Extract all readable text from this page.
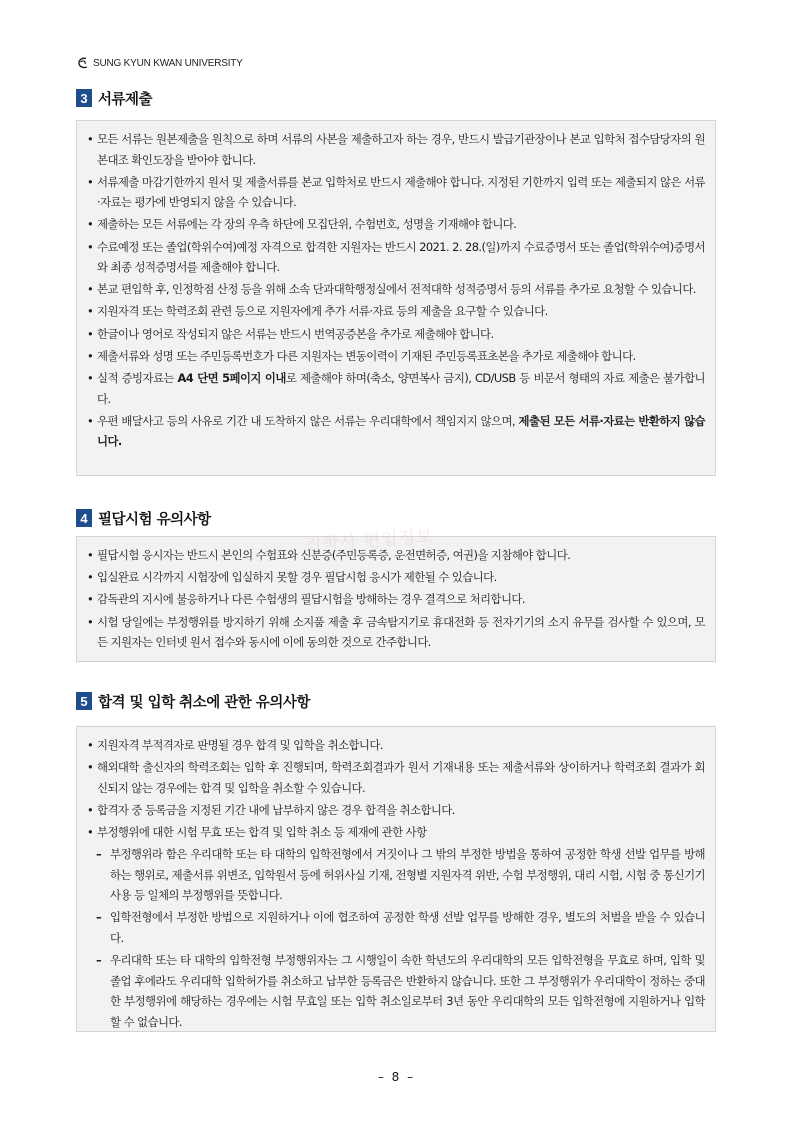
SUNG KYUN KWAN UNIVERSITY
3 서류제출
• 모든 서류는 원본제출을 원칙으로 하며 서류의 사본을 제출하고자 하는 경우, 반드시 발급기관장이나 본교 입학처 접수담당자의 원본대조 확인도장을 받아야 합니다.
• 서류제출 마감기한까지 원서 및 제출서류를 본교 입학처로 반드시 제출해야 합니다. 지정된 기한까지 입력 또는 제출되지 않은 서류·자료는 평가에 반영되지 않을 수 있습니다.
• 제출하는 모든 서류에는 각 장의 우측 하단에 모집단위, 수험번호, 성명을 기재해야 합니다.
• 수료예정 또는 졸업(학위수여)예정 자격으로 합격한 지원자는 반드시 2021. 2. 28.(일)까지 수료증명서 또는 졸업(학위수여)증명서와 최종 성적증명서를 제출해야 합니다.
• 본교 편입학 후, 인정학점 산정 등을 위해 소속 단과대학행정실에서 전적대학 성적증명서 등의 서류를 추가로 요청할 수 있습니다.
• 지원자격 또는 학력조회 관련 등으로 지원자에게 추가 서류·자료 등의 제출을 요구할 수 있습니다.
• 한글이나 영어로 작성되지 않은 서류는 반드시 번역공증본을 추가로 제출해야 합니다.
• 제출서류와 성명 또는 주민등록번호가 다른 지원자는 변동이력이 기재된 주민등록표초본을 추가로 제출해야 합니다.
• 실적 증빙자료는 A4 단면 5페이지 이내로 제출해야 하며(축소, 양면복사 금지), CD/USB 등 비문서 형태의 자료 제출은 불가합니다.
• 우편 배달사고 등의 사유로 기간 내 도착하지 않은 서류는 우리대학에서 책임지지 않으며, 제출된 모든 서류·자료는 반환하지 않습니다.
4 필답시험 유의사항
• 필답시험 응시자는 반드시 본인의 수험표와 신분증(주민등록증, 운전면허증, 여권)을 지참해야 합니다.
• 입실완료 시각까지 시험장에 입실하지 못할 경우 필답시험 응시가 제한될 수 있습니다.
• 감독관의 지시에 불응하거나 다른 수험생의 필답시험을 방해하는 경우 결격으로 처리합니다.
• 시험 당일에는 부정행위를 방지하기 위해 소지품 제출 후 금속탐지기로 휴대전화 등 전자기기의 소지 유무를 검사할 수 있으며, 모든 지원자는 인터넷 원서 접수와 동시에 이에 동의한 것으로 간주합니다.
진학사 편입정보
5 합격 및 입학 취소에 관한 유의사항
• 지원자격 부적격자로 판명될 경우 합격 및 입학을 취소합니다.
• 해외대학 출신자의 학력조회는 입학 후 진행되며, 학력조회결과가 원서 기재내용 또는 제출서류와 상이하거나 학력조회 결과가 회신되지 않는 경우에는 합격 및 입학을 취소할 수 있습니다.
• 합격자 중 등록금을 지정된 기간 내에 납부하지 않은 경우 합격을 취소합니다.
• 부정행위에 대한 시험 무효 또는 합격 및 입학 취소 등 제재에 관한 사항
– 부정행위라 함은 우리대학 또는 타 대학의 입학전형에서 거짓이나 그 밖의 부정한 방법을 통하여 공정한 학생 선발 업무를 방해하는 행위로, 제출서류 위변조, 입학원서 등에 허위사실 기재, 전형별 지원자격 위반, 수험 부정행위, 대리 시험, 시험 중 통신기기 사용 등 일체의 부정행위를 뜻합니다.
– 입학전형에서 부정한 방법으로 지원하거나 이에 협조하여 공정한 학생 선발 업무를 방해한 경우, 별도의 처벌을 받을 수 있습니다.
– 우리대학 또는 타 대학의 입학전형 부정행위자는 그 시행일이 속한 학년도의 우리대학의 모든 입학전형을 무효로 하며, 입학 및 졸업 후에라도 우리대학 입학허가를 취소하고 납부한 등록금은 반환하지 않습니다. 또한 그 부정행위가 우리대학이 정하는 중대한 부정행위에 해당하는 경우에는 시험 무효일 또는 입학 취소일로부터 3년 동안 우리대학의 모든 입학전형에 지원하거나 입학할 수 없습니다.
– 8 –
